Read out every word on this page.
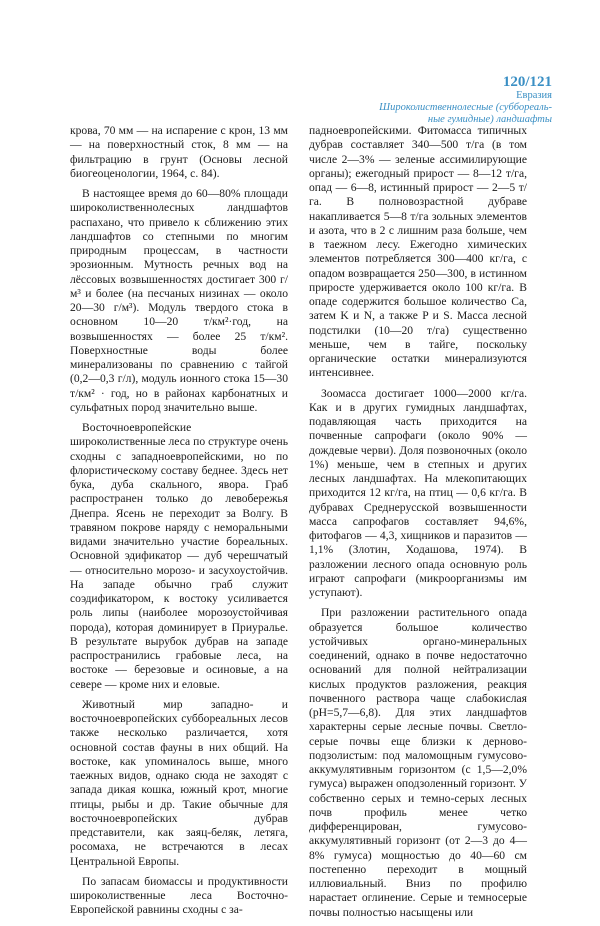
120/121
Евразия
Широколиственнолесные (суббореаль-
ные гумидные) ландшафты

крова, 70 мм — на испарение с крон, 13 мм — на поверхностный сток, 8 мм — на фильтрацию в грунт (Основы лесной биогеоценологии, 1964, с. 84).

В настоящее время до 60—80% площади широколиственнолесных ландшафтов распахано, что привело к сближению этих ландшафтов со степными по многим природным процессам, в частности эрозионным. Мутность речных вод на лёссовых возвышенностях достигает 300 г/м³ и более (на песчаных низинах — около 20—30 г/м³). Модуль твердого стока в основном 10—20 т/км²·год, на возвышенностях — более 25 т/км². Поверхностные воды более минерализованы по сравнению с тайгой (0,2—0,3 г/л), модуль ионного стока 15—30 т/км² · год, но в районах карбонатных и сульфатных пород значительно выше.

Восточноевропейские широколиственные леса по структуре очень сходны с западноевропейскими, но по флористическому составу беднее. Здесь нет бука, дуба скального, явора. Граб распространен только до левобережья Днепра. Ясень не переходит за Волгу. В травяном покрове наряду с неморальными видами значительно участие бореальных. Основной эдификатор — дуб черешчатый — относительно морозо- и засухоустойчив. На западе обычно граб служит соэдификатором, к востоку усиливается роль липы (наиболее морозоустойчивая порода), которая доминирует в Приуралье. В результате вырубок дубрав на западе распространились грабовые леса, на востоке — березовые и осиновые, а на севере — кроме них и еловые.

Животный мир западно- и восточноевропейских суббореальных лесов также несколько различается, хотя основной состав фауны в них общий. На востоке, как упоминалось выше, много таежных видов, однако сюда не заходят с запада дикая кошка, южный крот, многие птицы, рыбы и др. Такие обычные для восточноевропейских дубрав представители, как заяц-беляк, летяга, росомаха, не встречаются в лесах Центральной Европы.

По запасам биомассы и продуктивности широколиственные леса Восточно-Европейской равнины сходны с за-

падноевропейскими. Фитомасса типичных дубрав составляет 340—500 т/га (в том числе 2—3% — зеленые ассимилирующие органы); ежегодный прирост — 8—12 т/га, опад — 6—8, истинный прирост — 2—5 т/га. В полновозрастной дубраве накапливается 5—8 т/га зольных элементов и азота, что в 2 с лишним раза больше, чем в таежном лесу. Ежегодно химических элементов потребляется 300—400 кг/га, с опадом возвращается 250—300, в истинном приросте удерживается около 100 кг/га. В опаде содержится большое количество Ca, затем K и N, а также P и S. Масса лесной подстилки (10—20 т/га) существенно меньше, чем в тайге, поскольку органические остатки минерализуются интенсивнее.

Зоомасса достигает 1000—2000 кг/га. Как и в других гумидных ландшафтах, подавляющая часть приходится на почвенные сапрофаги (около 90% — дождевые черви). Доля позвоночных (около 1%) меньше, чем в степных и других лесных ландшафтах. На млекопитающих приходится 12 кг/га, на птиц — 0,6 кг/га. В дубравах Среднерусской возвышенности масса сапрофагов составляет 94,6%, фитофагов — 4,3, хищников и паразитов — 1,1% (Злотин, Ходашова, 1974). В разложении лесного опада основную роль играют сапрофаги (микроорганизмы им уступают).

При разложении растительного опада образуется большое количество устойчивых органо-минеральных соединений, однако в почве недостаточно оснований для полной нейтрализации кислых продуктов разложения, реакция почвенного раствора чаще слабокислая (pH=5,7—6,8). Для этих ландшафтов характерны серые лесные почвы. Светло-серые почвы еще близки к дерново-подзолистым: под маломощным гумусово-аккумулятивным горизонтом (с 1,5—2,0% гумуса) выражен оподзоленный горизонт. У собственно серых и темно-серых лесных почв профиль менее четко дифференцирован, гумусово-аккумулятивный горизонт (от 2—3 до 4—8% гумуса) мощностью до 40—60 см постепенно переходит в мощный иллювиальный. Вниз по профилю нарастает оглинение. Серые и темносерые почвы полностью насыщены или
